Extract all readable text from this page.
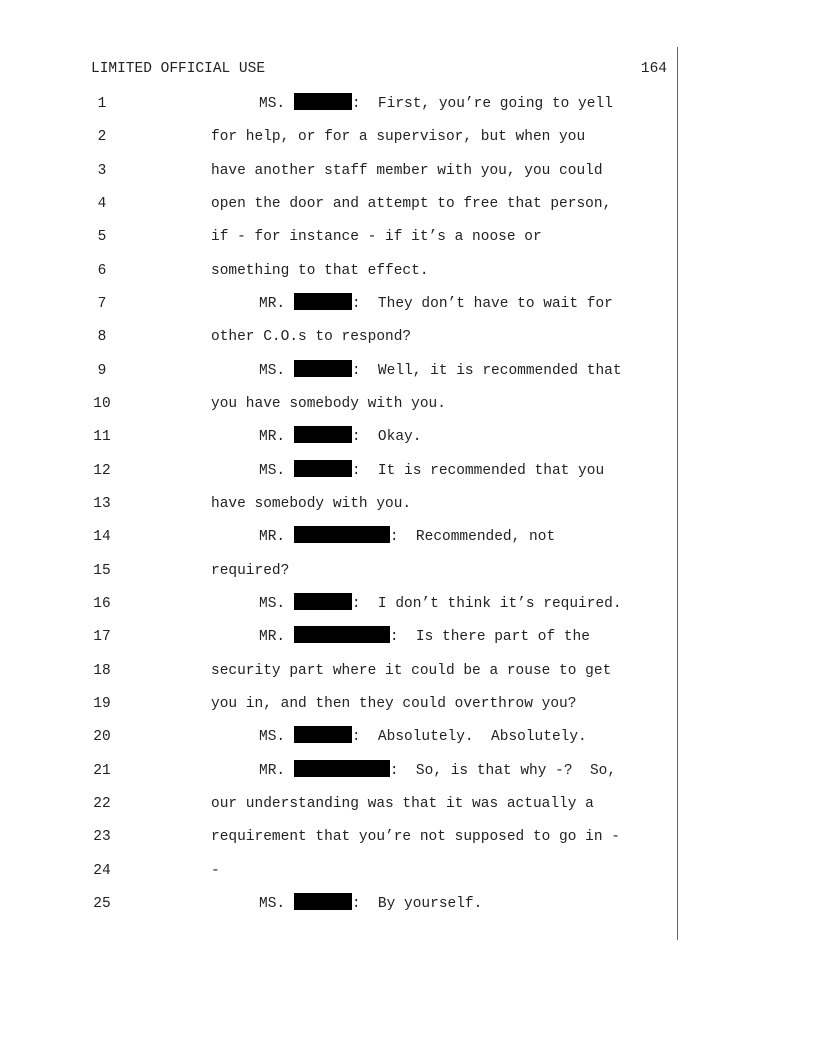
LIMITED OFFICIAL USE	164
1	MS.	:  First, you’re going to yell
2	for help, or for a supervisor, but when you
3	have another staff member with you, you could
4	open the door and attempt to free that person,
5	if - for instance - if it’s a noose or
6	something to that effect.
7	MR.	:  They don’t have to wait for
8	other C.O.s to respond?
9	MS.	:  Well, it is recommended that
10	you have somebody with you.
11	MR.	:  Okay.
12	MS.	:  It is recommended that you
13	have somebody with you.
14	MR.	:  Recommended, not
15	required?
16	MS.	:  I don’t think it’s required.
17	MR.	:  Is there part of the
18	security part where it could be a rouse to get
19	you in, and then they could overthrow you?
20	MS.	:  Absolutely.  Absolutely.
21	MR.	:  So, is that why -?  So,
22	our understanding was that it was actually a
23	requirement that you’re not supposed to go in -
24	-
25	MS.	:  By yourself.
